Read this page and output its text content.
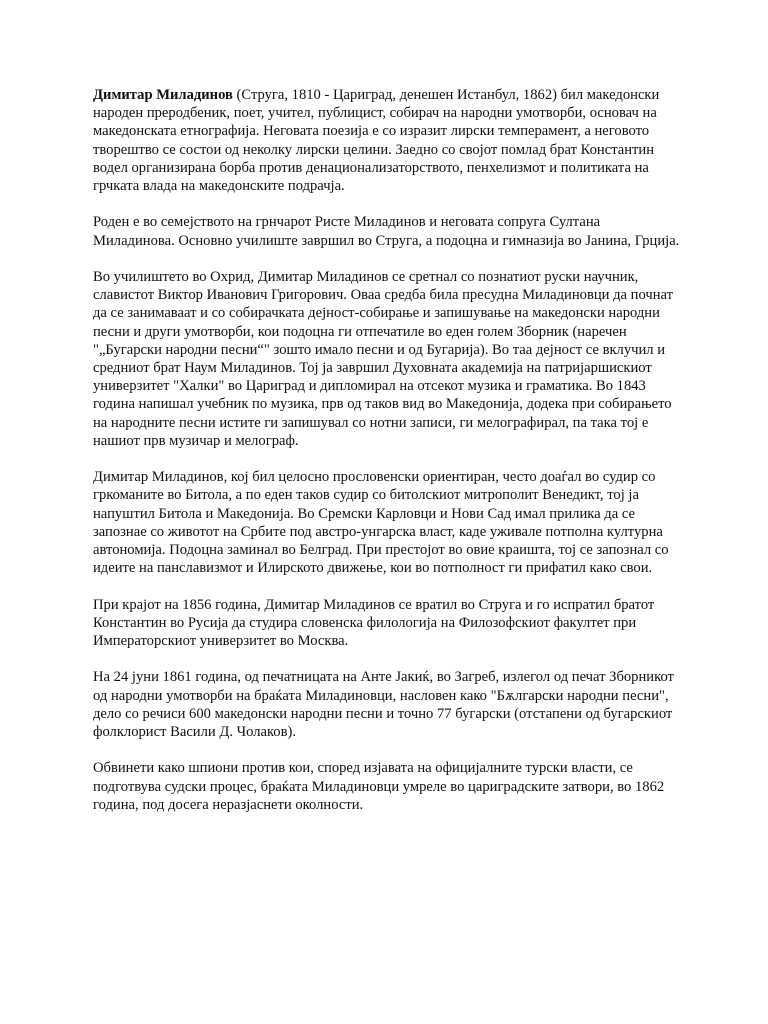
Димитар Миладинов (Струга, 1810 - Цариград, денешен Истанбул, 1862) бил македонски народен преродбеник, поет, учител, публицист, собирач на народни умотворби, основач на македонската етнографија. Неговата поезија е со изразит лирски темперамент, а неговото творештво се состои од неколку лирски целини. Заедно со својот помлад брат Константин водел организирана борба против денационализаторството, пенхелизмот и политиката на грчката влада на македонските подрачја.

Роден е во семејството на грнчарот Ристе Миладинов и неговата сопруга Султана Миладинова. Основно училиште завршил во Струга, а подоцна и гимназија во Јанина, Грција.

Во училиштето во Охрид, Димитар Миладинов се сретнал со познатиот руски научник, славистот Виктор Иванович Григорович. Оваа средба била пресудна Миладиновци да почнат да се занимаваат и со собирачката дејност-собирање и запишување на македонски народни песни и други умотворби, кои подоцна ги отпечатиле во еден голем Зборник (наречен "„Бугарски народни песни“" зошто имало песни и од Бугарија). Во таа дејност се вклучил и средниот брат Наум Миладинов. Тој ја завршил Духовната академија на патријаршискиот универзитет "Халки" во Цариград и дипломирал на отсекот музика и граматика. Во 1843 година напишал учебник по музика, прв од таков вид во Македонија, додека при собирањето на народните песни истите ги запишувал со нотни записи, ги мелографирал, па така тој е нашиот прв музичар и мелограф.

Димитар Миладинов, кој бил целосно прословенски ориентиран, често доаѓал во судир со гркоманите во Битола, а по еден таков судир со битолскиот митрополит Венедикт, тој ја напуштил Битола и Македонија. Во Сремски Карловци и Нови Сад имал прилика да се запознае со животот на Србите под австро-унгарска власт, каде уживале потполна културна автономија. Подоцна заминал во Белград. При престојот во овие краишта, тој се запознал со идеите на панславизмот и Илирското движење, кои во потполност ги прифатил како свои.

При крајот на 1856 година, Димитар Миладинов се вратил во Струга и го испратил братот Константин во Русија да студира словенска филологија на Филозофскиот факултет при Императорскиот универзитет во Москва.

На 24 јуни 1861 година, од печатницата на Анте Јакиќ, во Загреб, излегол од печат Зборникот од народни умотворби на браќата Миладиновци, насловен како "Бѫлгарски народни песни", дело со речиси 600 македонски народни песни и точно 77 бугарски (отстапени од бугарскиот фолклорист Васили Д. Чолаков).

Обвинети како шпиони против кои, според изјавата на официјалните турски власти, се подготвува судски процес, браќата Миладиновци умреле во цариградските затвори, во 1862 година, под досега неразјаснети околности.
